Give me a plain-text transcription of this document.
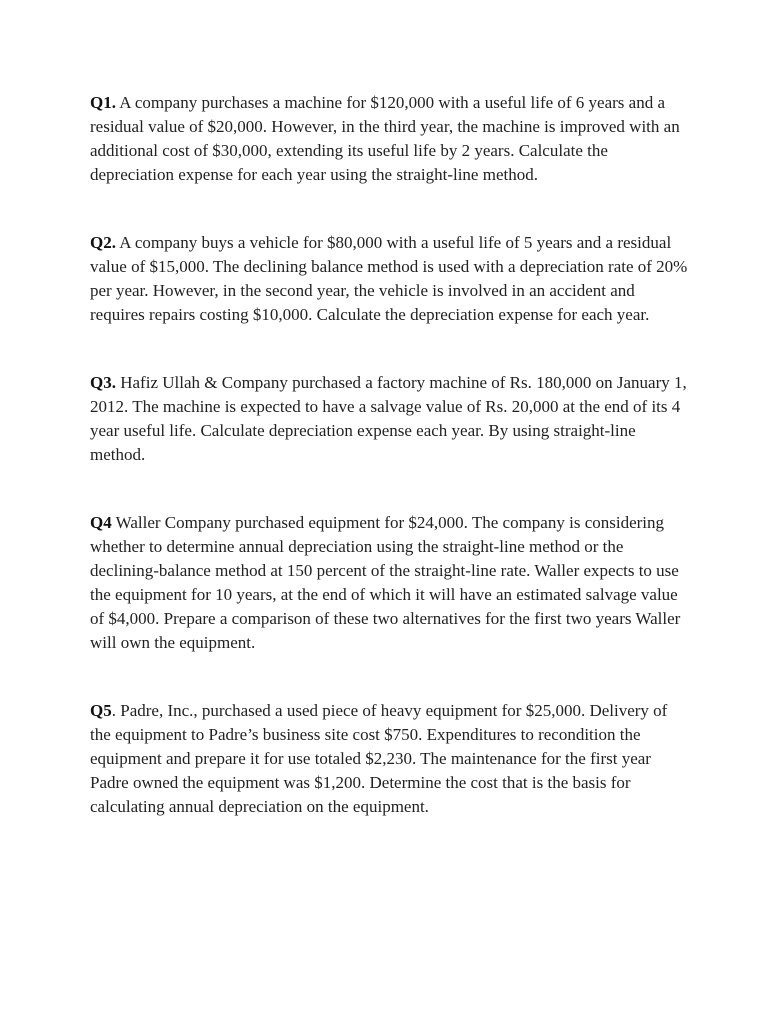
Q1. A company purchases a machine for $120,000 with a useful life of 6 years and a residual value of $20,000. However, in the third year, the machine is improved with an additional cost of $30,000, extending its useful life by 2 years. Calculate the depreciation expense for each year using the straight-line method.

Q2. A company buys a vehicle for $80,000 with a useful life of 5 years and a residual value of $15,000. The declining balance method is used with a depreciation rate of 20% per year. However, in the second year, the vehicle is involved in an accident and requires repairs costing $10,000. Calculate the depreciation expense for each year.

Q3. Hafiz Ullah & Company purchased a factory machine of Rs. 180,000 on January 1, 2012. The machine is expected to have a salvage value of Rs. 20,000 at the end of its 4 year useful life. Calculate depreciation expense each year. By using straight-line method.

Q4 Waller Company purchased equipment for $24,000. The company is considering whether to determine annual depreciation using the straight-line method or the declining-balance method at 150 percent of the straight-line rate. Waller expects to use the equipment for 10 years, at the end of which it will have an estimated salvage value of $4,000. Prepare a comparison of these two alternatives for the first two years Waller will own the equipment.

Q5. Padre, Inc., purchased a used piece of heavy equipment for $25,000. Delivery of the equipment to Padre’s business site cost $750. Expenditures to recondition the equipment and prepare it for use totaled $2,230. The maintenance for the first year Padre owned the equipment was $1,200. Determine the cost that is the basis for calculating annual depreciation on the equipment.
